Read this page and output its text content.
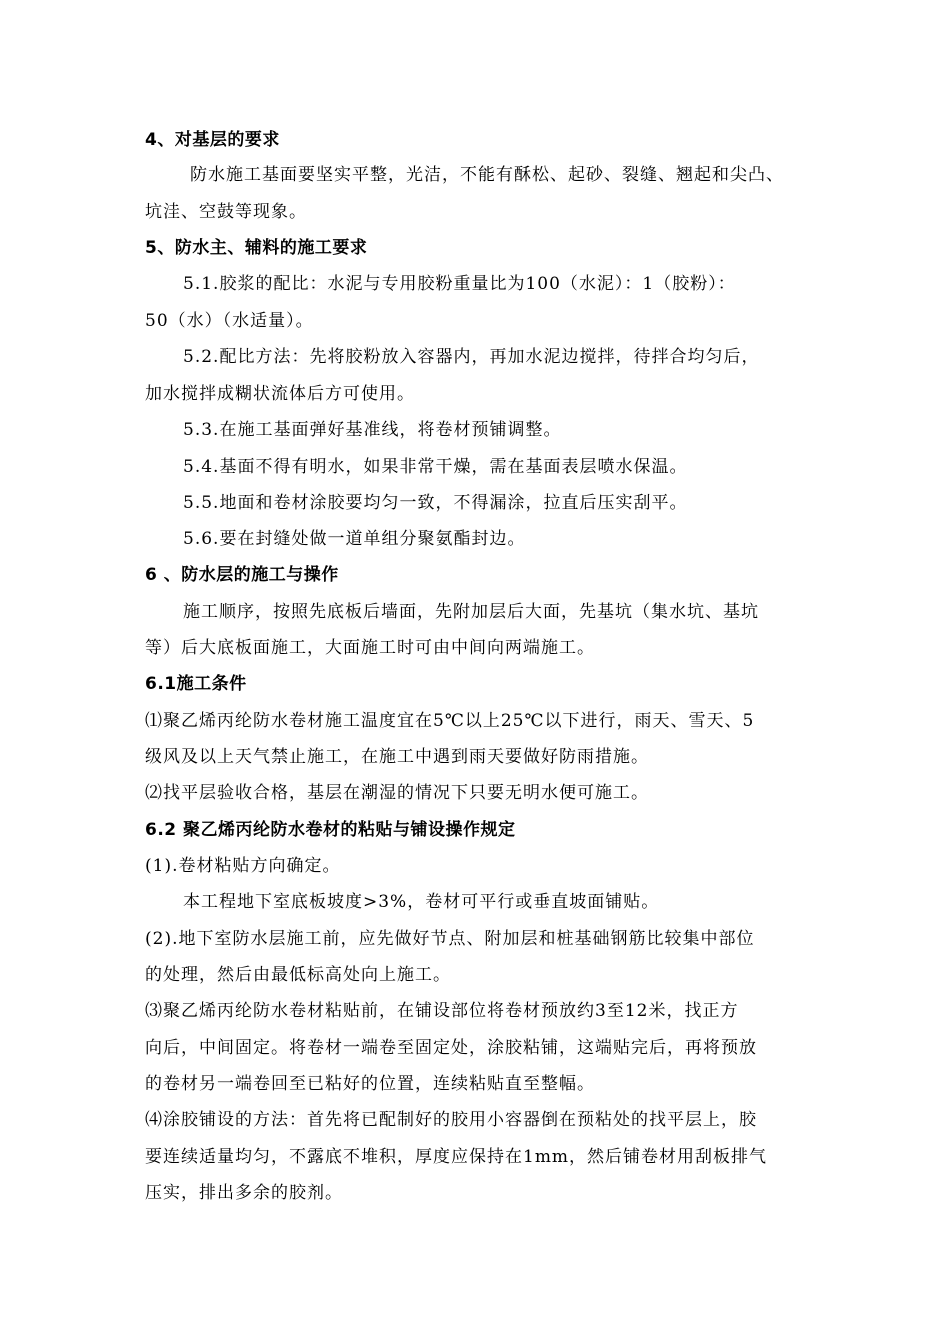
4、对基层的要求
防水施工基面要坚实平整，光洁，不能有酥松、起砂、裂缝、翘起和尖凸、
坑洼、空鼓等现象。
5、防水主、辅料的施工要求
5.1.胶浆的配比：水泥与专用胶粉重量比为100（水泥）：1（胶粉）：
50（水）（水适量）。
5.2.配比方法：先将胶粉放入容器内，再加水泥边搅拌，待拌合均匀后，
加水搅拌成糊状流体后方可使用。
5.3.在施工基面弹好基准线，将卷材预铺调整。
5.4.基面不得有明水，如果非常干燥，需在基面表层喷水保温。
5.5.地面和卷材涂胶要均匀一致，不得漏涂，拉直后压实刮平。
5.6.要在封缝处做一道单组分聚氨酯封边。
6 、防水层的施工与操作
施工顺序，按照先底板后墙面，先附加层后大面，先基坑（集水坑、基坑
等）后大底板面施工，大面施工时可由中间向两端施工。
6.1施工条件
⑴聚乙烯丙纶防水卷材施工温度宜在5℃以上25℃以下进行，雨天、雪天、5
级风及以上天气禁止施工，在施工中遇到雨天要做好防雨措施。
⑵找平层验收合格，基层在潮湿的情况下只要无明水便可施工。
6.2 聚乙烯丙纶防水卷材的粘贴与铺设操作规定
(1).卷材粘贴方向确定。
本工程地下室底板坡度>3%，卷材可平行或垂直坡面铺贴。
(2).地下室防水层施工前，应先做好节点、附加层和桩基础钢筋比较集中部位
的处理，然后由最低标高处向上施工。
⑶聚乙烯丙纶防水卷材粘贴前，在铺设部位将卷材预放约3至12米，找正方
向后，中间固定。将卷材一端卷至固定处，涂胶粘铺，这端贴完后，再将预放
的卷材另一端卷回至已粘好的位置，连续粘贴直至整幅。
⑷涂胶铺设的方法：首先将已配制好的胶用小容器倒在预粘处的找平层上，胶
要连续适量均匀，不露底不堆积，厚度应保持在1mm，然后铺卷材用刮板排气
压实，排出多余的胶剂。
